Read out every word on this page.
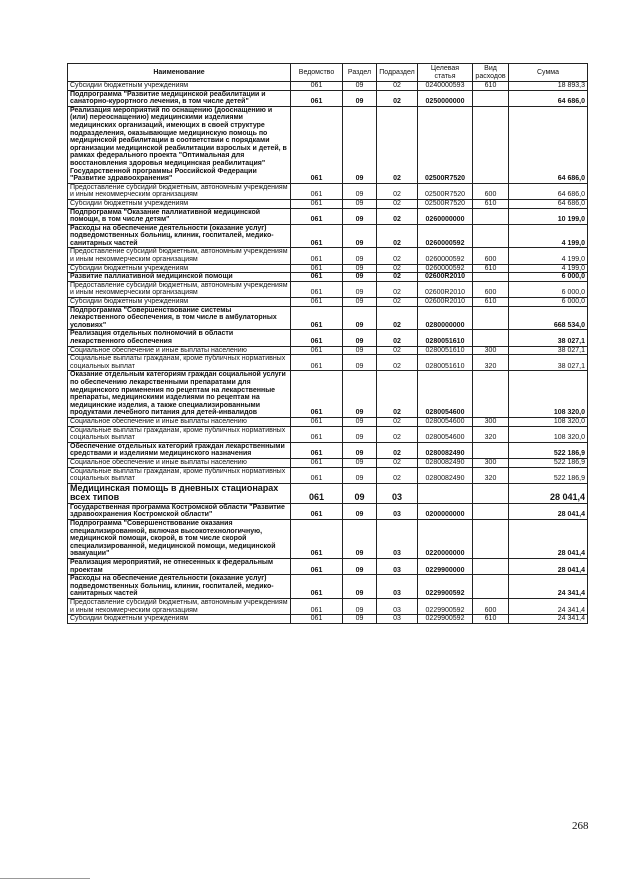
Наименование	Ведомство	Раздел	Подраздел	Целевая статья	Вид расходов	Сумма
Субсидии бюджетным учреждениям	061	09	02	0240000593	610	18 893,3
Подпрограмма "Развитие медицинской реабилитации и санаторно-курортного лечения, в том числе детей"	061	09	02	0250000000		64 686,0
Реализация мероприятий по оснащению (дооснащению и (или) переоснащению) медицинскими изделиями медицинских организаций, имеющих в своей структуре подразделения, оказывающие медицинскую помощь по медицинской реабилитации в соответствии с порядками организации медицинской реабилитации взрослых и детей, в рамках федерального проекта "Оптимальная для восстановления здоровья медицинская реабилитация" Государственной программы Российской Федерации "Развитие здравоохранения"	061	09	02	02500R7520		64 686,0
Предоставление субсидий бюджетным, автономным учреждениям и иным некоммерческим организациям	061	09	02	02500R7520	600	64 686,0
Субсидии бюджетным учреждениям	061	09	02	02500R7520	610	64 686,0
Подпрограмма "Оказание паллиативной медицинской помощи, в том числе детям"	061	09	02	0260000000		10 199,0
Расходы на обеспечение деятельности (оказание услуг) подведомственных больниц, клиник, госпиталей, медико-санитарных частей	061	09	02	0260000592		4 199,0
Предоставление субсидий бюджетным, автономным учреждениям и иным некоммерческим организациям	061	09	02	0260000592	600	4 199,0
Субсидии бюджетным учреждениям	061	09	02	0260000592	610	4 199,0
Развитие паллиативной медицинской помощи	061	09	02	02600R2010		6 000,0
Предоставление субсидий бюджетным, автономным учреждениям и иным некоммерческим организациям	061	09	02	02600R2010	600	6 000,0
Субсидии бюджетным учреждениям	061	09	02	02600R2010	610	6 000,0
Подпрограмма "Совершенствование системы лекарственного обеспечения, в том числе в амбулаторных условиях"	061	09	02	0280000000		668 534,0
Реализация отдельных полномочий в области лекарственного обеспечения	061	09	02	0280051610		38 027,1
Социальное обеспечение и иные выплаты населению	061	09	02	0280051610	300	38 027,1
Социальные выплаты гражданам, кроме публичных нормативных социальных выплат	061	09	02	0280051610	320	38 027,1
Оказание отдельным категориям граждан социальной услуги по обеспечению лекарственными препаратами для медицинского применения по рецептам на лекарственные препараты, медицинскими изделиями по рецептам на медицинские изделия, а также специализированными продуктами лечебного питания для детей-инвалидов	061	09	02	0280054600		108 320,0
Социальное обеспечение и иные выплаты населению	061	09	02	0280054600	300	108 320,0
Социальные выплаты гражданам, кроме публичных нормативных социальных выплат	061	09	02	0280054600	320	108 320,0
Обеспечение отдельных категорий граждан лекарственными средствами и изделиями медицинского назначения	061	09	02	0280082490		522 186,9
Социальное обеспечение и иные выплаты населению	061	09	02	0280082490	300	522 186,9
Социальные выплаты гражданам, кроме публичных нормативных социальных выплат	061	09	02	0280082490	320	522 186,9
Медицинская помощь в дневных стационарах всех типов	061	09	03			28 041,4
Государственная программа Костромской области "Развитие здравоохранения Костромской области"	061	09	03	0200000000		28 041,4
Подпрограмма "Совершенствование оказания специализированной, включая высокотехнологичную, медицинской помощи, скорой, в том числе скорой специализированной, медицинской помощи, медицинской эвакуации"	061	09	03	0220000000		28 041,4
Реализация мероприятий, не отнесенных к федеральным проектам	061	09	03	0229900000		28 041,4
Расходы на обеспечение деятельности (оказание услуг) подведомственных больниц, клиник, госпиталей, медико-санитарных частей	061	09	03	0229900592		24 341,4
Предоставление субсидий бюджетным, автономным учреждениям и иным некоммерческим организациям	061	09	03	0229900592	600	24 341,4
Субсидии бюджетным учреждениям	061	09	03	0229900592	610	24 341,4
268
